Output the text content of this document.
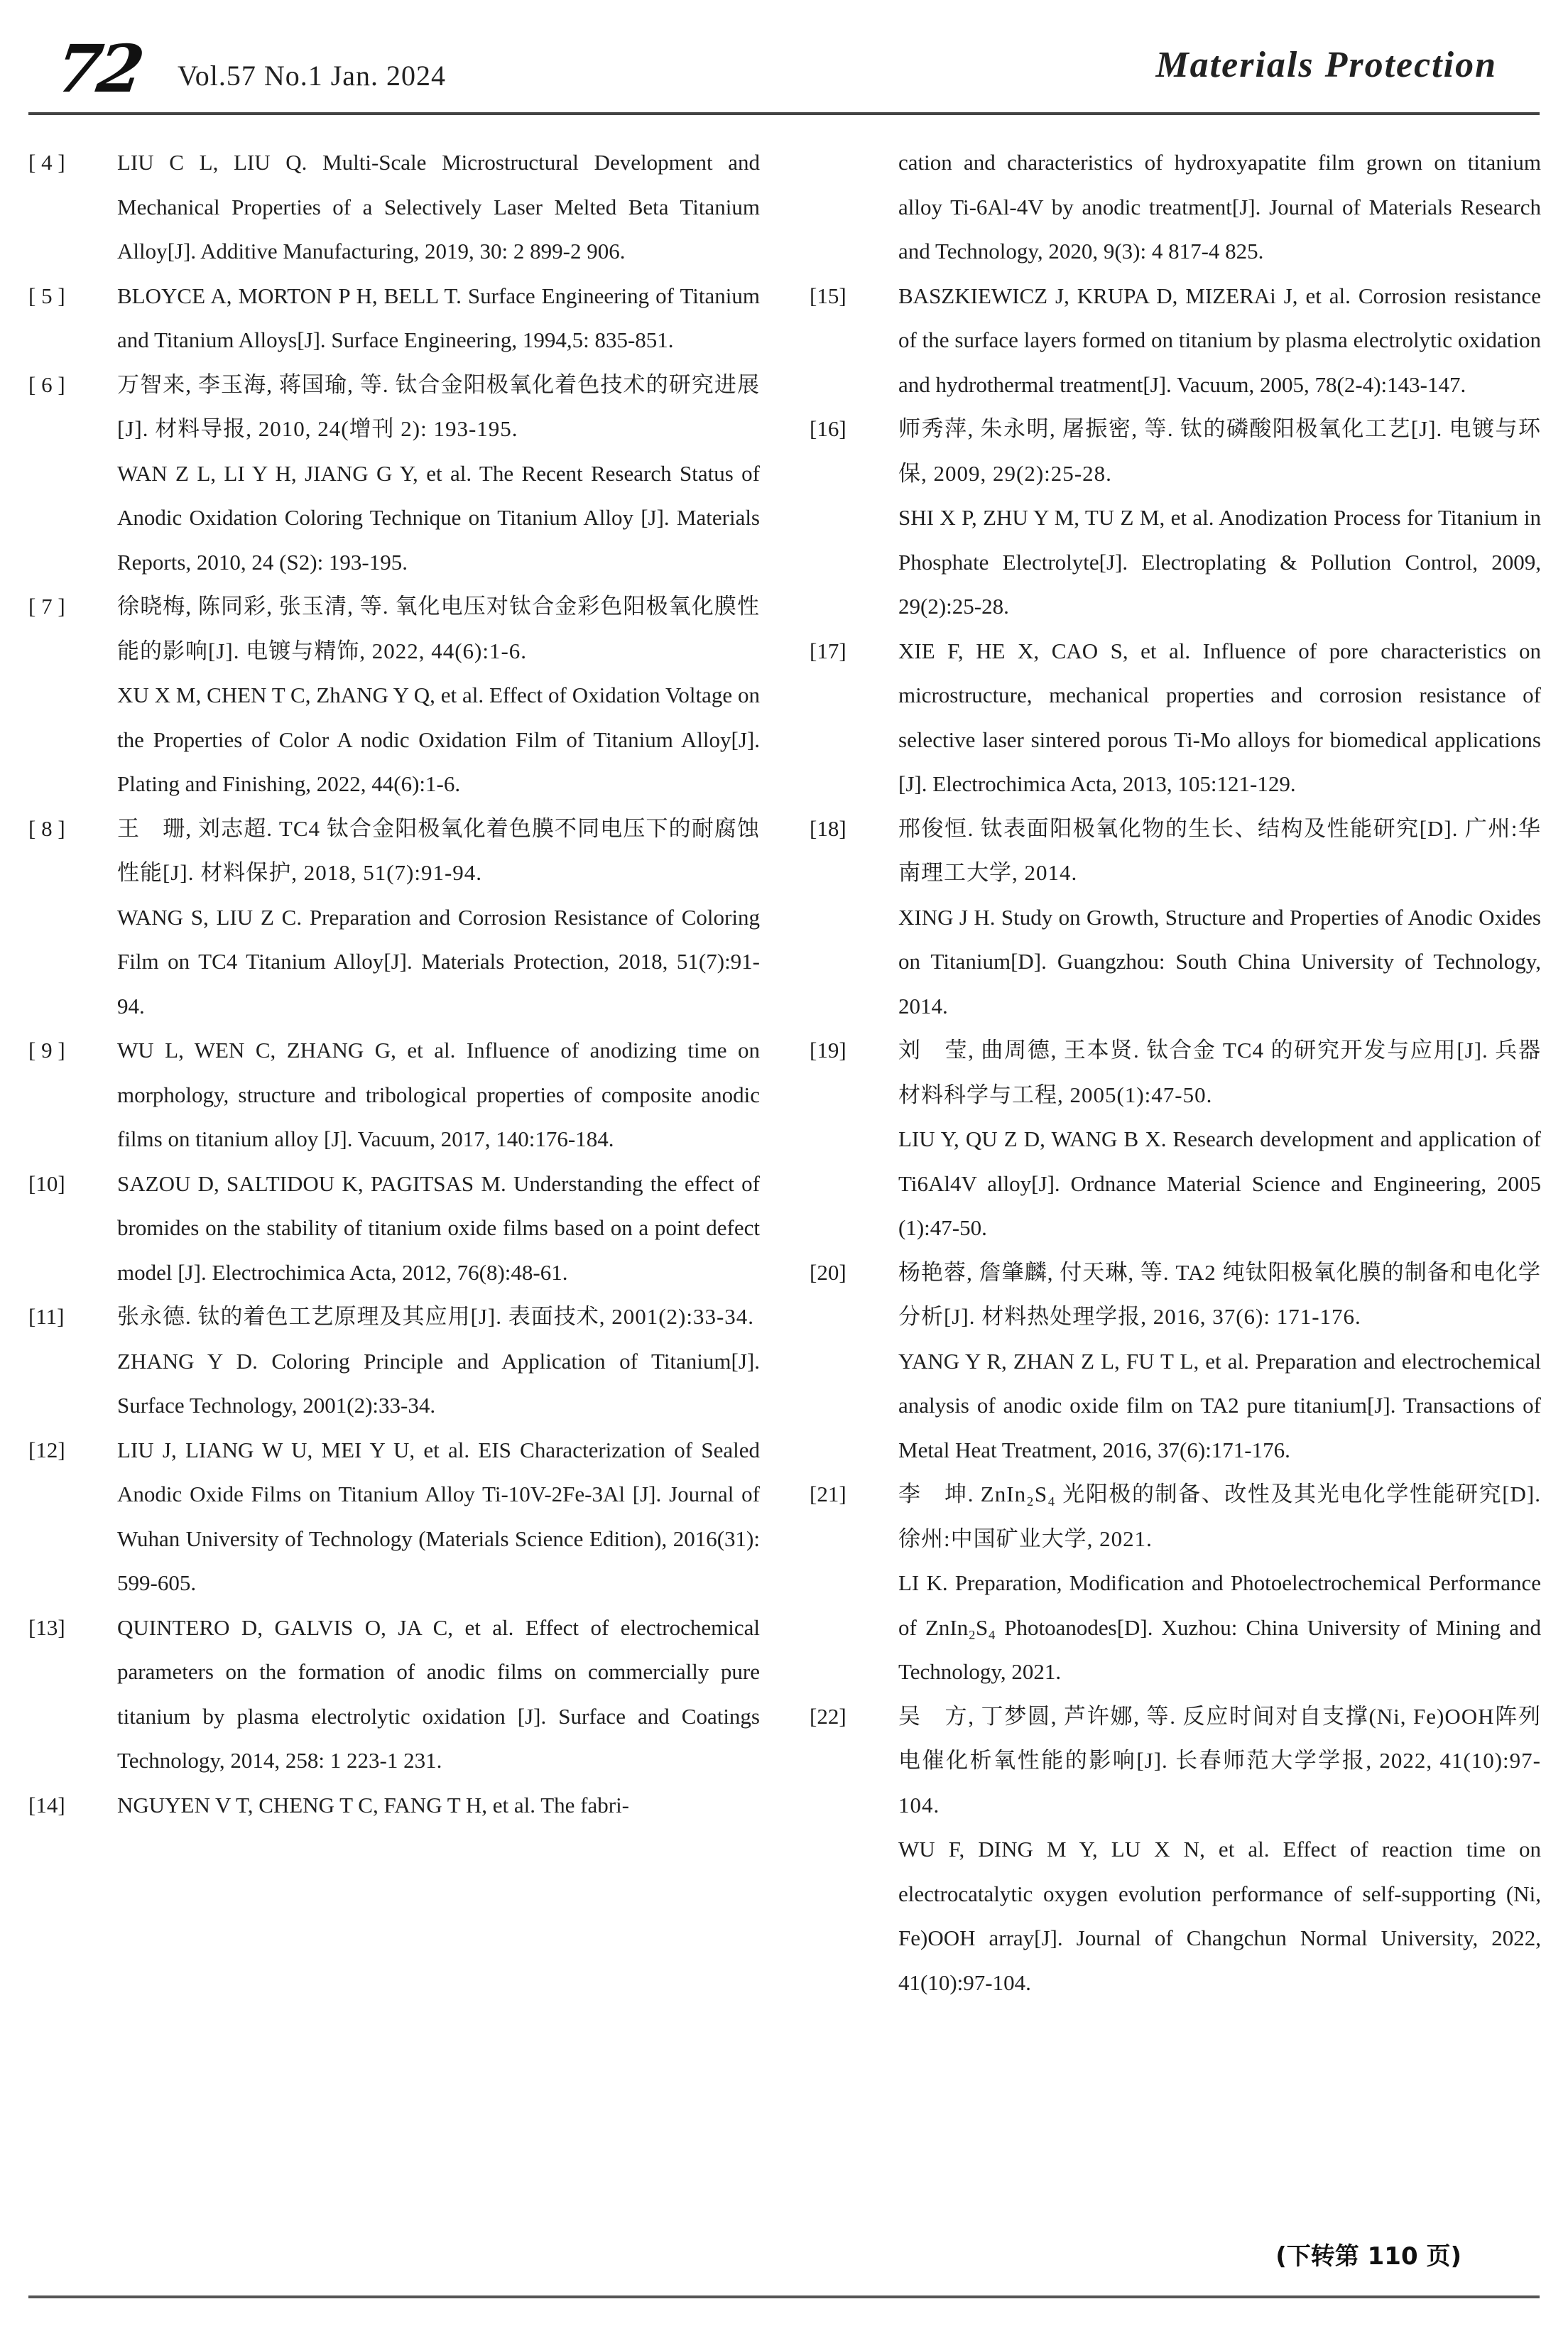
72 Vol.57 No.1 Jan. 2024	Materials Protection
[ 4 ]	LIU C L, LIU Q. Multi-Scale Microstructural Development and Mechanical Properties of a Selectively Laser Melted Beta Titanium Alloy[J]. Additive Manufacturing, 2019, 30: 2 899-2 906.
[ 5 ]	BLOYCE A, MORTON P H, BELL T. Surface Engineering of Titanium and Titanium Alloys[J]. Surface Engineering, 1994,5: 835-851.
[ 6 ]	万智来, 李玉海, 蒋国瑜, 等. 钛合金阳极氧化着色技术的研究进展[J]. 材料导报, 2010, 24(增刊 2): 193-195.
WAN Z L, LI Y H, JIANG G Y, et al. The Recent Research Status of Anodic Oxidation Coloring Technique on Titanium Alloy [J]. Materials Reports, 2010, 24 (S2): 193-195.
[ 7 ]	徐晓梅, 陈同彩, 张玉清, 等. 氧化电压对钛合金彩色阳极氧化膜性能的影响[J]. 电镀与精饰, 2022, 44(6):1-6.
XU X M, CHEN T C, ZhANG Y Q, et al. Effect of Oxidation Voltage on the Properties of Color A nodic Oxidation Film of Titanium Alloy[J]. Plating and Finishing, 2022, 44(6):1-6.
[ 8 ]	王　珊, 刘志超. TC4 钛合金阳极氧化着色膜不同电压下的耐腐蚀性能[J]. 材料保护, 2018, 51(7):91-94.
WANG S, LIU Z C. Preparation and Corrosion Resistance of Coloring Film on TC4 Titanium Alloy[J]. Materials Protection, 2018, 51(7):91-94.
[ 9 ]	WU L, WEN C, ZHANG G, et al. Influence of anodizing time on morphology, structure and tribological properties of composite anodic films on titanium alloy [J]. Vacuum, 2017, 140:176-184.
[10]	SAZOU D, SALTIDOU K, PAGITSAS M. Understanding the effect of bromides on the stability of titanium oxide films based on a point defect model [J]. Electrochimica Acta, 2012, 76(8):48-61.
[11]	张永德. 钛的着色工艺原理及其应用[J]. 表面技术, 2001(2):33-34.
ZHANG Y D. Coloring Principle and Application of Titanium[J]. Surface Technology, 2001(2):33-34.
[12]	LIU J, LIANG W U, MEI Y U, et al. EIS Characterization of Sealed Anodic Oxide Films on Titanium Alloy Ti-10V-2Fe-3Al [J]. Journal of Wuhan University of Technology (Materials Science Edition), 2016(31): 599-605.
[13]	QUINTERO D, GALVIS O, JA C, et al. Effect of electrochemical parameters on the formation of anodic films on commercially pure titanium by plasma electrolytic oxidation [J]. Surface and Coatings Technology, 2014, 258: 1 223-1 231.
[14]	NGUYEN V T, CHENG T C, FANG T H, et al. The fabri-
cation and characteristics of hydroxyapatite film grown on titanium alloy Ti-6Al-4V by anodic treatment[J]. Journal of Materials Research and Technology, 2020, 9(3): 4 817-4 825.
[15]	BASZKIEWICZ J, KRUPA D, MIZERAi J, et al. Corrosion resistance of the surface layers formed on titanium by plasma electrolytic oxidation and hydrothermal treatment[J]. Vacuum, 2005, 78(2-4):143-147.
[16]	师秀萍, 朱永明, 屠振密, 等. 钛的磷酸阳极氧化工艺[J]. 电镀与环保, 2009, 29(2):25-28.
SHI X P, ZHU Y M, TU Z M, et al. Anodization Process for Titanium in Phosphate Electrolyte[J]. Electroplating & Pollution Control, 2009, 29(2):25-28.
[17]	XIE F, HE X, CAO S, et al. Influence of pore characteristics on microstructure, mechanical properties and corrosion resistance of selective laser sintered porous Ti-Mo alloys for biomedical applications [J]. Electrochimica Acta, 2013, 105:121-129.
[18]	邢俊恒. 钛表面阳极氧化物的生长、结构及性能研究[D]. 广州:华南理工大学, 2014.
XING J H. Study on Growth, Structure and Properties of Anodic Oxides on Titanium[D]. Guangzhou: South China University of Technology, 2014.
[19]	刘　莹, 曲周德, 王本贤. 钛合金 TC4 的研究开发与应用[J]. 兵器材料科学与工程, 2005(1):47-50.
LIU Y, QU Z D, WANG B X. Research development and application of Ti6Al4V alloy[J]. Ordnance Material Science and Engineering, 2005 (1):47-50.
[20]	杨艳蓉, 詹肇麟, 付天琳, 等. TA2 纯钛阳极氧化膜的制备和电化学分析[J]. 材料热处理学报, 2016, 37(6): 171-176.
YANG Y R, ZHAN Z L, FU T L, et al. Preparation and electrochemical analysis of anodic oxide film on TA2 pure titanium[J]. Transactions of Metal Heat Treatment, 2016, 37(6):171-176.
[21]	李　坤. ZnIn₂S₄ 光阳极的制备、改性及其光电化学性能研究[D]. 徐州:中国矿业大学, 2021.
LI K. Preparation, Modification and Photoelectrochemical Performance of ZnIn₂S₄ Photoanodes[D]. Xuzhou: China University of Mining and Technology, 2021.
[22]	吴　方, 丁梦圆, 芦许娜, 等. 反应时间对自支撑(Ni, Fe)OOH阵列电催化析氧性能的影响[J]. 长春师范大学学报, 2022, 41(10):97-104.
WU F, DING M Y, LU X N, et al. Effect of reaction time on electrocatalytic oxygen evolution performance of self-supporting (Ni, Fe)OOH array[J]. Journal of Changchun Normal University, 2022, 41(10):97-104.
(下转第 110 页)
